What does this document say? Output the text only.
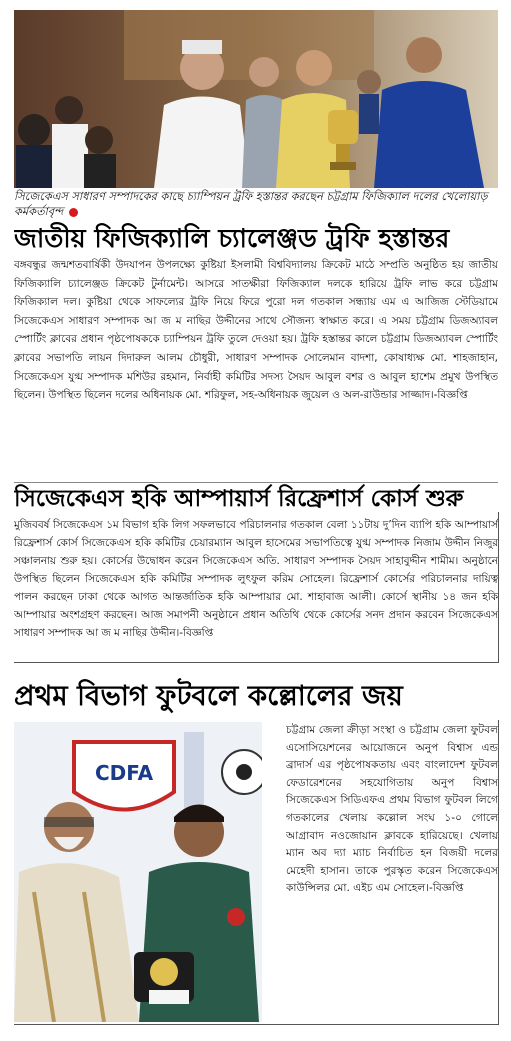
সিজেকেএস সাধারণ সম্পাদকের কাছে চ্যাম্পিয়ন ট্রফি হস্তান্তর করছেন চট্টগ্রাম ফিজিক্যাল দলের খেলোয়াড় কর্মকর্তাবৃন্দ
জাতীয় ফিজিক্যালি চ্যালেঞ্জড ট্রফি হস্তান্তর
বঙ্গবন্ধুর জন্মশতবার্ষিকী উদযাপন উপলক্ষ্যে কুষ্টিয়া ইসলামী বিশ্ববিদ্যালয় ক্রিকেট মাঠে সম্প্রতি অনুষ্ঠিত হয় জাতীয় ফিজিক্যালি চ্যালেঞ্জড ক্রিকেট টুর্নামেন্ট। আসরে সাতক্ষীরা ফিজিক্যাল দলকে হারিয়ে ট্রফি লাভ করে চট্টগ্রাম ফিজিক্যাল দল। কুষ্টিয়া থেকে সাফল্যের ট্রফি নিয়ে ফিরে পুরো দল গতকাল সন্ধ্যায় এম এ আজিজ স্টেডিয়ামে সিজেকেএস সাধারণ সম্পাদক আ জ ম নাছির উদ্দীনের সাথে সৌজন্য স্বাক্ষাত করে। এ সময় চট্টগ্রাম ডিজঅ্যাবল স্পোর্টিং ক্লাবের প্রধান পৃষ্ঠপোষককে চ্যাম্পিয়ন ট্রফি তুলে দেওয়া হয়। ট্রফি হস্তান্তর কালে চট্টগ্রাম ডিজঅ্যাবল স্পোর্টিং ক্লাবের সভাপতি লায়ন দিদারুল আলম চৌধুরী, সাধারণ সম্পাদক সোলেমান বাদশা, কোষাধ্যক্ষ মো. শাহজাহান, সিজেকেএস যুগ্ম সম্পাদক মশিউর রহমান, নির্বাহী কমিটির সদস্য সৈয়দ আবুল বশর ও আবুল হাশেম প্রমুখ উপস্থিত ছিলেন। উপস্থিত ছিলেন দলের অধিনায়ক মো. শরিফুল, সহ-অধিনায়ক জুয়েল ও অল-রাউন্ডার সাজ্জাদ।-বিজ্ঞপ্তি
সিজেকেএস হকি আম্পায়ার্স রিফ্রেশার্স কোর্স শুরু
মুজিববর্ষ সিজেকেএস ১ম বিভাগ হকি লিগ সফলভাবে পরিচালনার গতকাল বেলা ১১টায় দু’দিন ব্যাপি হকি আম্পায়ার্স রিফ্রেশার্স কোর্স সিজেকেএস হকি কমিটির চেয়ারম্যান আবুল হাসেমের সভাপতিত্বে যুগ্ম সম্পাদক নিজাম উদ্দীন নিজুর সঞ্চালনায় শুরু হয়। কোর্সের উদ্বোধন করেন সিজেকেএস অতি. সাধারণ সম্পাদক সৈয়দ সাহাবুদ্দীন শামীম। অনুষ্ঠানে উপস্থিত ছিলেন সিজেকেএস হকি কমিটির সম্পাদক লুৎফুল করিম সোহেল। রিফ্রেশার্স কোর্সের পরিচালনার দায়িত্ব পালন করছেন ঢাকা থেকে আগত আন্তর্জাতিক হকি আম্পায়ার মো. শাহাবাজ আলী। কোর্সে স্থানীয় ১৪ জন হকি আম্পায়ার অংশগ্রহণ করছেন। আজ সমাপনী অনুষ্ঠানে প্রধান অতিথি থেকে কোর্সের সনদ প্রদান করবেন সিজেকেএস সাধারণ সম্পাদক আ জ ম নাছির উদ্দীন।-বিজ্ঞপ্তি
প্রথম বিভাগ ফুটবলে কল্লোলের জয়
CDFA
চট্টগ্রাম জেলা ক্রীড়া সংস্থা ও চট্টগ্রাম জেলা ফুটবল এসোসিয়েশনের আয়োজনে অনুপ বিশ্বাস এন্ড ব্রাদার্স এর পৃষ্ঠপোষকতায় এবং বাংলাদেশ ফুটবল ফেডারেশনের সহযোগিতায় অনুপ বিশ্বাস সিজেকেএস সিডিএফএ প্রথম বিভাগ ফুটবল লিগে গতকালের খেলায় কল্লোল সংঘ ১-০ গোলে আগ্রাবাদ নওজোয়ান ক্লাবকে হারিয়েছে। খেলায় ম্যান অব দ্যা ম্যাচ নির্বাচিত হন বিজয়ী দলের মেহেদী হাসান। তাকে পুরস্কৃত করেন সিজেকেএস কাউন্সিলর মো. এইচ এম সোহেল।-বিজ্ঞপ্তি
